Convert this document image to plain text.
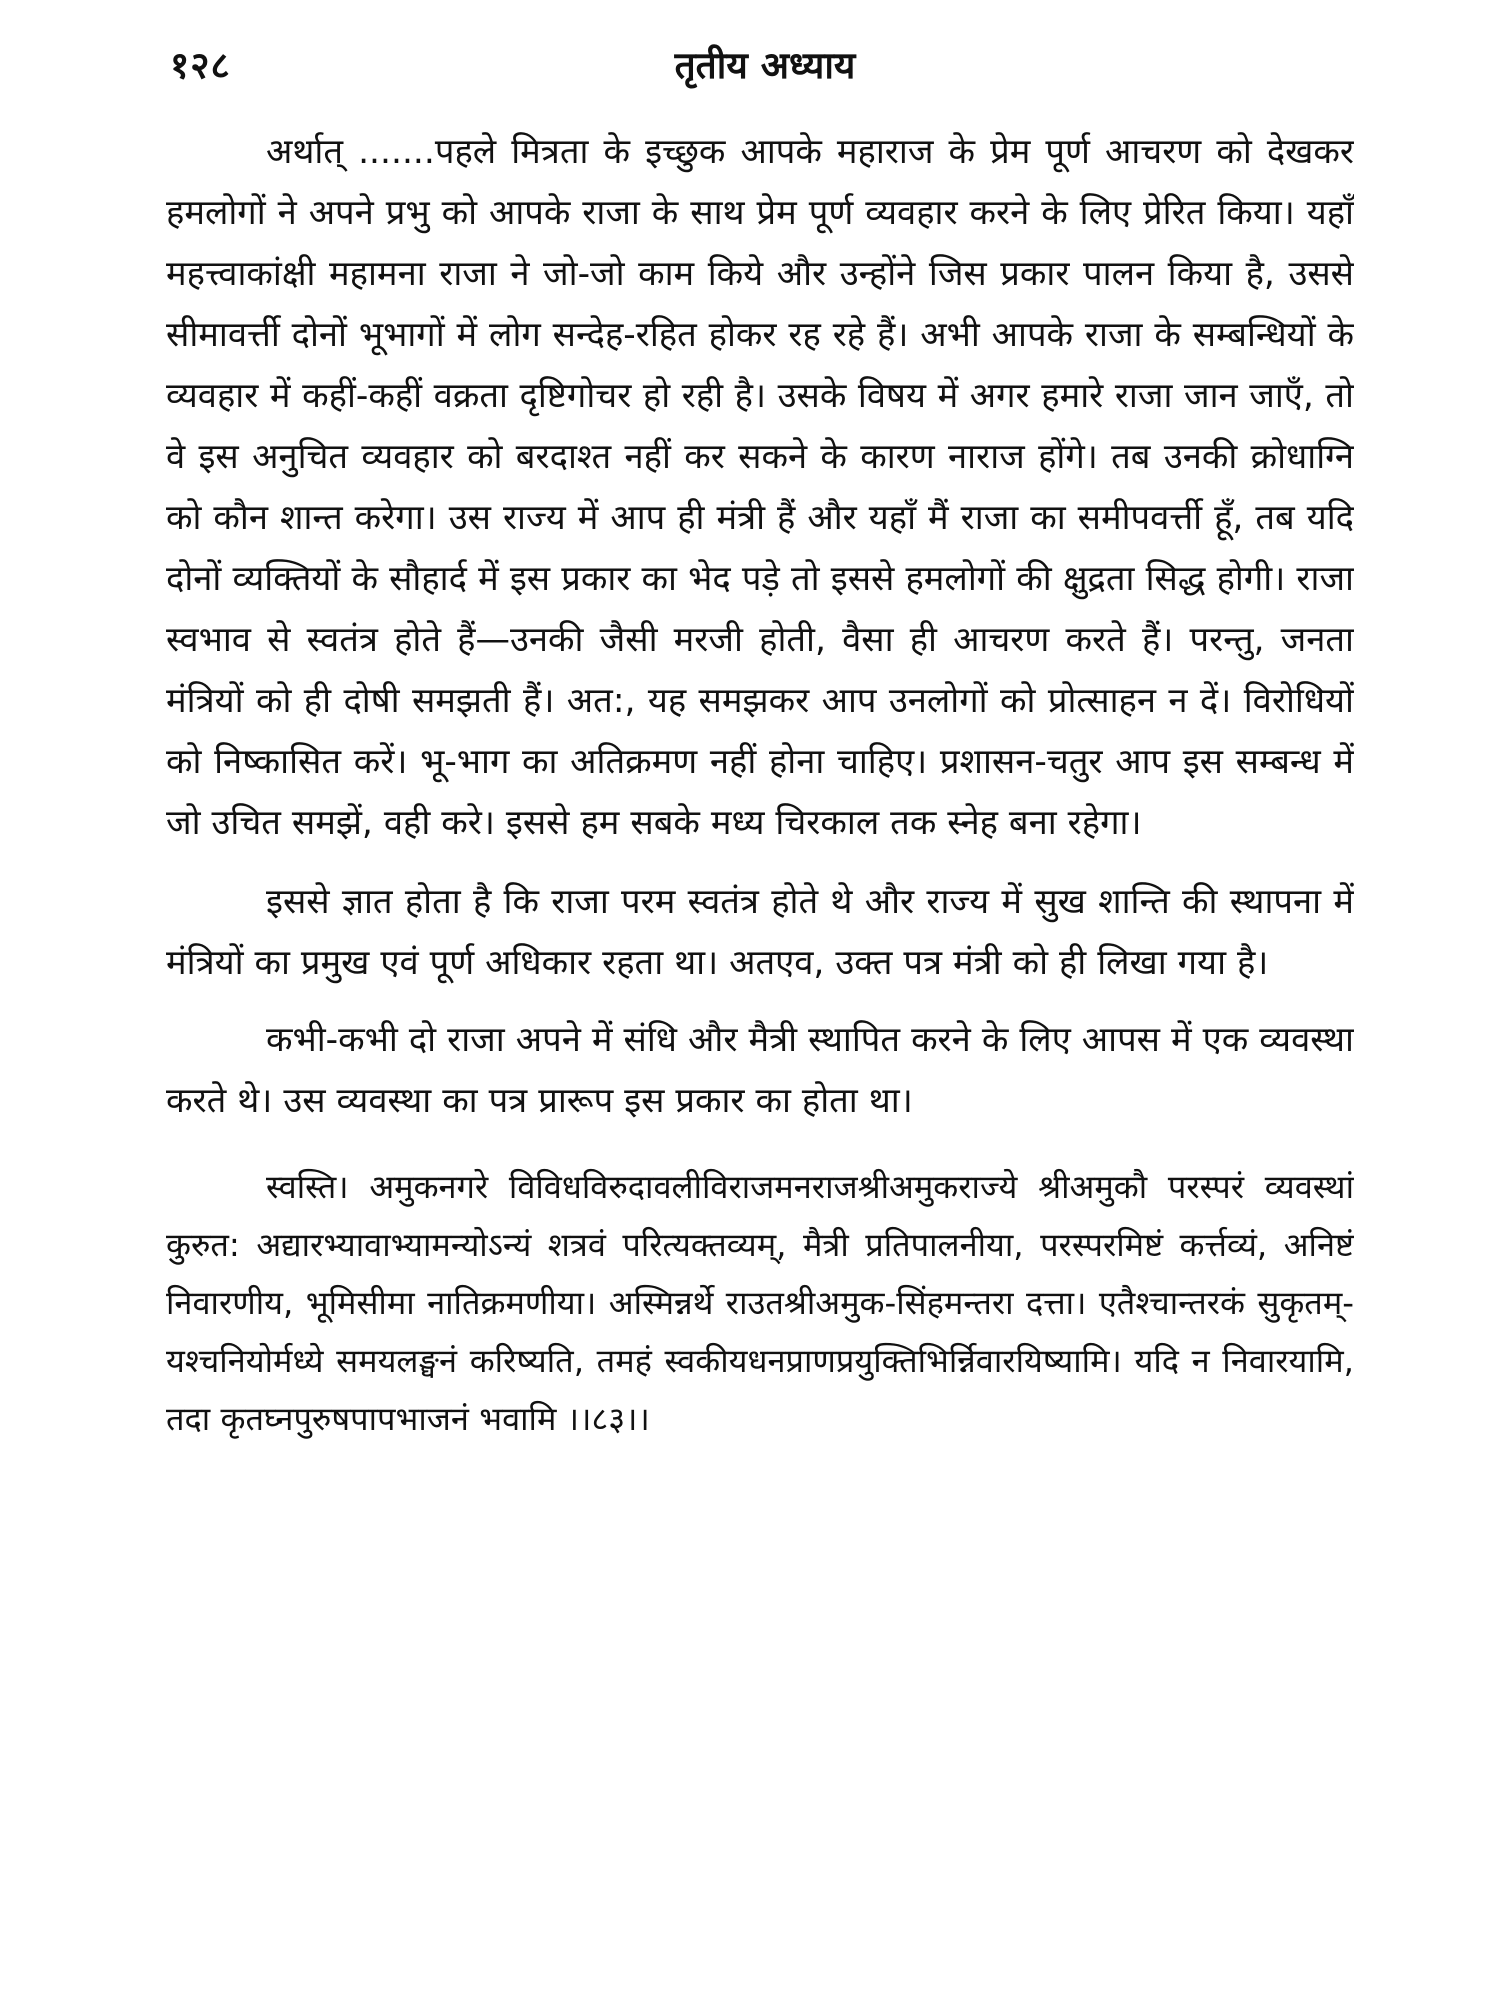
१२८	तृतीय अध्याय

अर्थात् .......पहले मित्रता के इच्छुक आपके महाराज के प्रेम पूर्ण आचरण को देखकर हमलोगों ने अपने प्रभु को आपके राजा के साथ प्रेम पूर्ण व्यवहार करने के लिए प्रेरित किया। यहाँ महत्त्वाकांक्षी महामना राजा ने जो-जो काम किये और उन्होंने जिस प्रकार पालन किया है, उससे सीमावर्त्ती दोनों भूभागों में लोग सन्देह-रहित होकर रह रहे हैं। अभी आपके राजा के सम्बन्धियों के व्यवहार में कहीं-कहीं वक्रता दृष्टिगोचर हो रही है। उसके विषय में अगर हमारे राजा जान जाएँ, तो वे इस अनुचित व्यवहार को बरदाश्त नहीं कर सकने के कारण नाराज होंगे। तब उनकी क्रोधाग्नि को कौन शान्त करेगा। उस राज्य में आप ही मंत्री हैं और यहाँ मैं राजा का समीपवर्त्ती हूँ, तब यदि दोनों व्यक्तियों के सौहार्द में इस प्रकार का भेद पड़े तो इससे हमलोगों की क्षुद्रता सिद्ध होगी। राजा स्वभाव से स्वतंत्र होते हैं—उनकी जैसी मरजी होती, वैसा ही आचरण करते हैं। परन्तु, जनता मंत्रियों को ही दोषी समझती हैं। अत:, यह समझकर आप उनलोगों को प्रोत्साहन न दें। विरोधियों को निष्कासित करें। भू-भाग का अतिक्रमण नहीं होना चाहिए। प्रशासन-चतुर आप इस सम्बन्ध में जो उचित समझें, वही करे। इससे हम सबके मध्य चिरकाल तक स्नेह बना रहेगा।

इससे ज्ञात होता है कि राजा परम स्वतंत्र होते थे और राज्य में सुख शान्ति की स्थापना में मंत्रियों का प्रमुख एवं पूर्ण अधिकार रहता था। अतएव, उक्त पत्र मंत्री को ही लिखा गया है।

कभी-कभी दो राजा अपने में संधि और मैत्री स्थापित करने के लिए आपस में एक व्यवस्था करते थे। उस व्यवस्था का पत्र प्रारूप इस प्रकार का होता था।

स्वस्ति। अमुकनगरे विविधविरुदावलीविराजमनराजश्रीअमुकराज्ये श्रीअमुकौ परस्परं व्यवस्थां कुरुत: अद्यारभ्यावाभ्यामन्योऽन्यं शत्रवं परित्यक्तव्यम्, मैत्री प्रतिपालनीया, परस्परमिष्टं कर्त्तव्यं, अनिष्टं निवारणीय, भूमिसीमा नातिक्रमणीया। अस्मिन्नर्थे राउतश्रीअमुक-सिंहमन्तरा दत्ता। एतैश्चान्तरकं सुकृतम्-यश्चनियोर्मध्ये समयलङ्घनं करिष्यति, तमहं स्वकीयधनप्राणप्रयुक्तिभिर्न्निवारयिष्यामि। यदि न निवारयामि, तदा कृतघ्नपुरुषपापभाजनं भवामि ।।८३।।
